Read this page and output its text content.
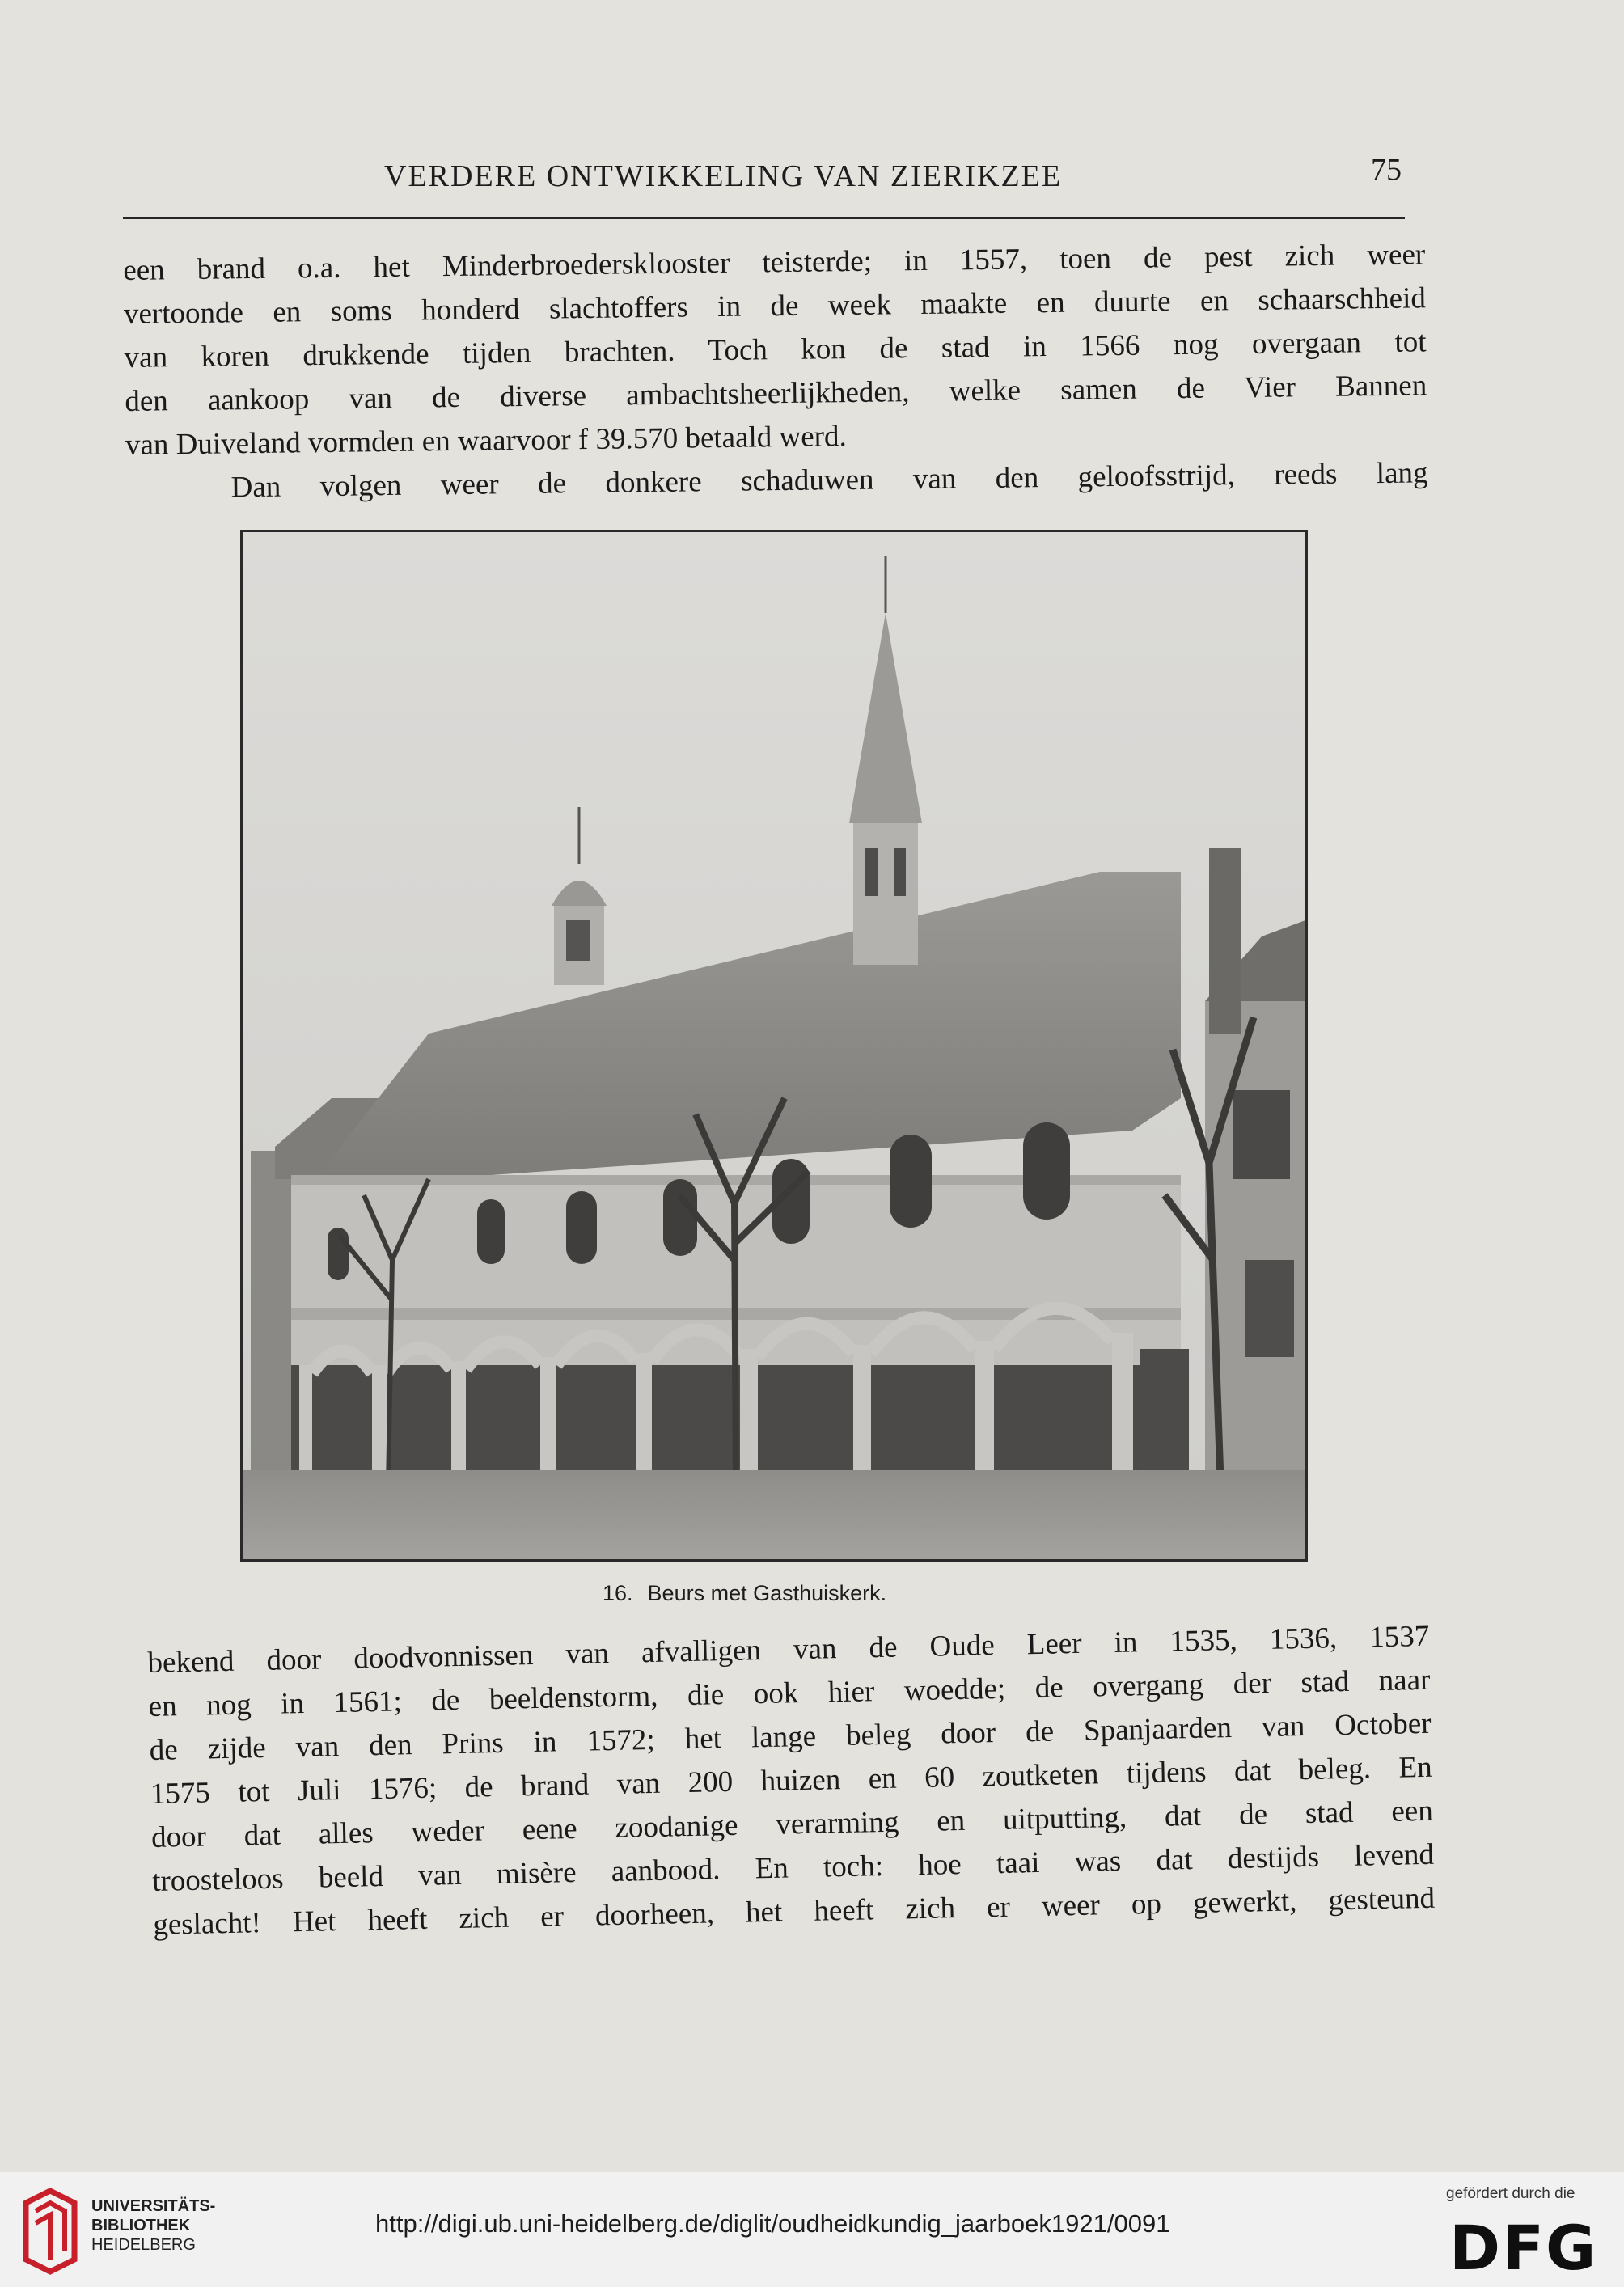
VERDERE ONTWIKKELING VAN ZIERIKZEE	75
een brand o.a. het Minderbroedersklooster teisterde; in 1557, toen de pest zich weer
vertoonde en soms honderd slachtoffers in de week maakte en duurte en schaarschheid
van koren drukkende tijden brachten. Toch kon de stad in 1566 nog overgaan tot
den aankoop van de diverse ambachtsheerlijkheden, welke samen de Vier Bannen
van Duiveland vormden en waarvoor f 39.570 betaald werd.
Dan volgen weer de donkere schaduwen van den geloofsstrijd, reeds lang
16. Beurs met Gasthuiskerk.
bekend door doodvonnissen van afvalligen van de Oude Leer in 1535, 1536, 1537
en nog in 1561; de beeldenstorm, die ook hier woedde; de overgang der stad naar
de zijde van den Prins in 1572; het lange beleg door de Spanjaarden van October
1575 tot Juli 1576; de brand van 200 huizen en 60 zoutketen tijdens dat beleg. En
door dat alles weder eene zoodanige verarming en uitputting, dat de stad een
troosteloos beeld van misère aanbood. En toch: hoe taai was dat destijds levend
geslacht! Het heeft zich er doorheen, het heeft zich er weer op gewerkt, gesteund
UNIVERSITÄTS-
BIBLIOTHEK
HEIDELBERG
http://digi.ub.uni-heidelberg.de/diglit/oudheidkundig_jaarboek1921/0091
gefördert durch die
DFG
